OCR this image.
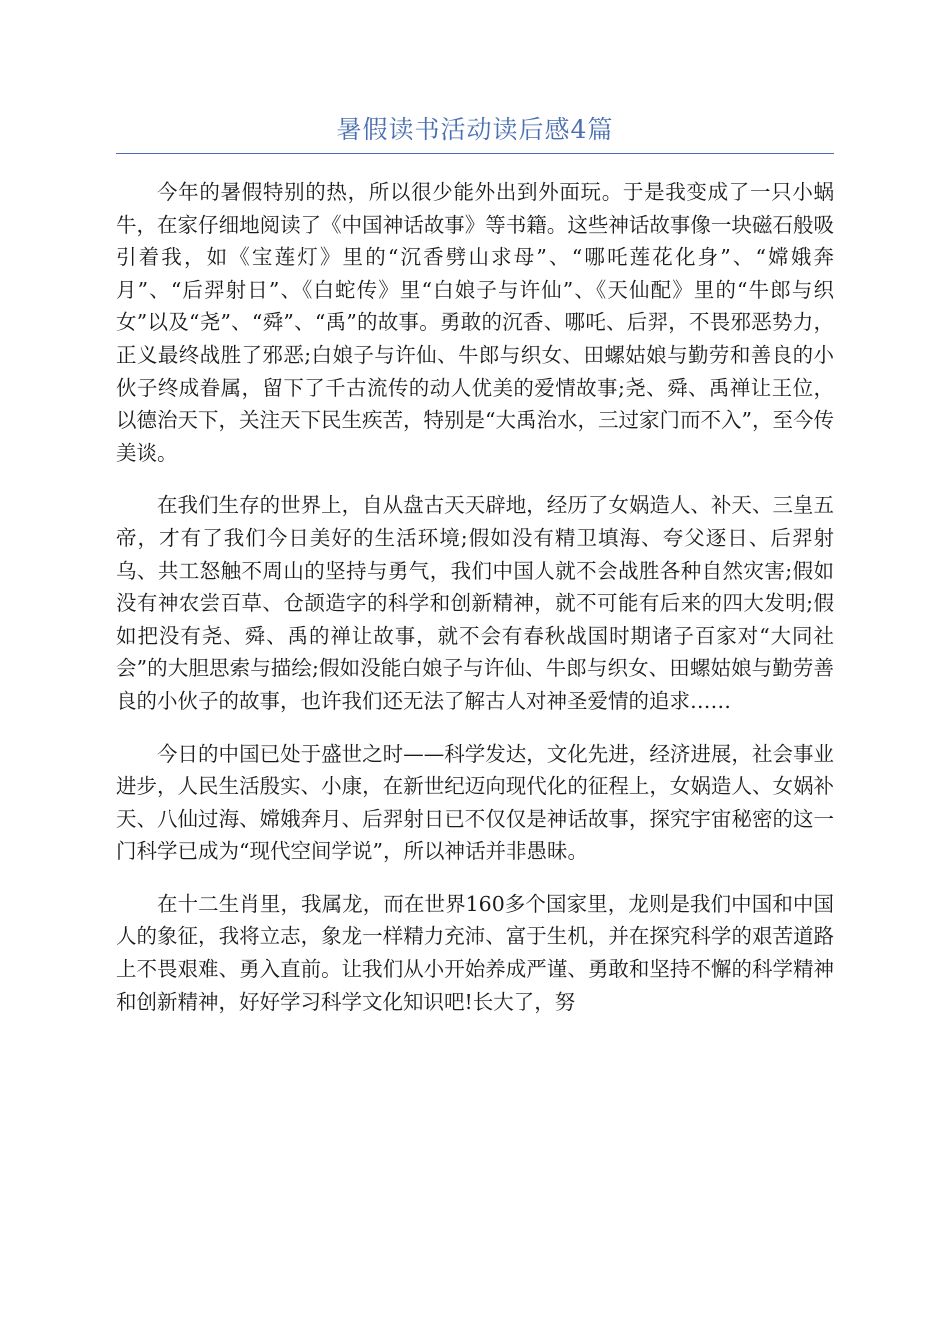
暑假读书活动读后感4篇

今年的暑假特别的热，所以很少能外出到外面玩。于是我变成了一只小蜗牛，在家仔细地阅读了《中国神话故事》等书籍。这些神话故事像一块磁石般吸引着我，如《宝莲灯》里的“沉香劈山求母”、“哪吒莲花化身”、“嫦娥奔月”、“后羿射日”、《白蛇传》里“白娘子与许仙”、《天仙配》里的“牛郎与织女”以及“尧”、“舜”、“禹”的故事。勇敢的沉香、哪吒、后羿，不畏邪恶势力，正义最终战胜了邪恶;白娘子与许仙、牛郎与织女、田螺姑娘与勤劳和善良的小伙子终成眷属，留下了千古流传的动人优美的爱情故事;尧、舜、禹禅让王位，以德治天下，关注天下民生疾苦，特别是“大禹治水，三过家门而不入”，至今传美谈。

在我们生存的世界上，自从盘古天天辟地，经历了女娲造人、补天、三皇五帝，才有了我们今日美好的生活环境;假如没有精卫填海、夸父逐日、后羿射乌、共工怒触不周山的坚持与勇气，我们中国人就不会战胜各种自然灾害;假如没有神农尝百草、仓颉造字的科学和创新精神，就不可能有后来的四大发明;假如把没有尧、舜、禹的禅让故事，就不会有春秋战国时期诸子百家对“大同社会”的大胆思索与描绘;假如没能白娘子与许仙、牛郎与织女、田螺姑娘与勤劳善良的小伙子的故事，也许我们还无法了解古人对神圣爱情的追求……

今日的中国已处于盛世之时——科学发达，文化先进，经济进展，社会事业进步，人民生活殷实、小康，在新世纪迈向现代化的征程上，女娲造人、女娲补天、八仙过海、嫦娥奔月、后羿射日已不仅仅是神话故事，探究宇宙秘密的这一门科学已成为“现代空间学说”，所以神话并非愚昧。

在十二生肖里，我属龙，而在世界160多个国家里，龙则是我们中国和中国人的象征，我将立志，象龙一样精力充沛、富于生机，并在探究科学的艰苦道路上不畏艰难、勇入直前。让我们从小开始养成严谨、勇敢和坚持不懈的科学精神和创新精神，好好学习科学文化知识吧!长大了，努
